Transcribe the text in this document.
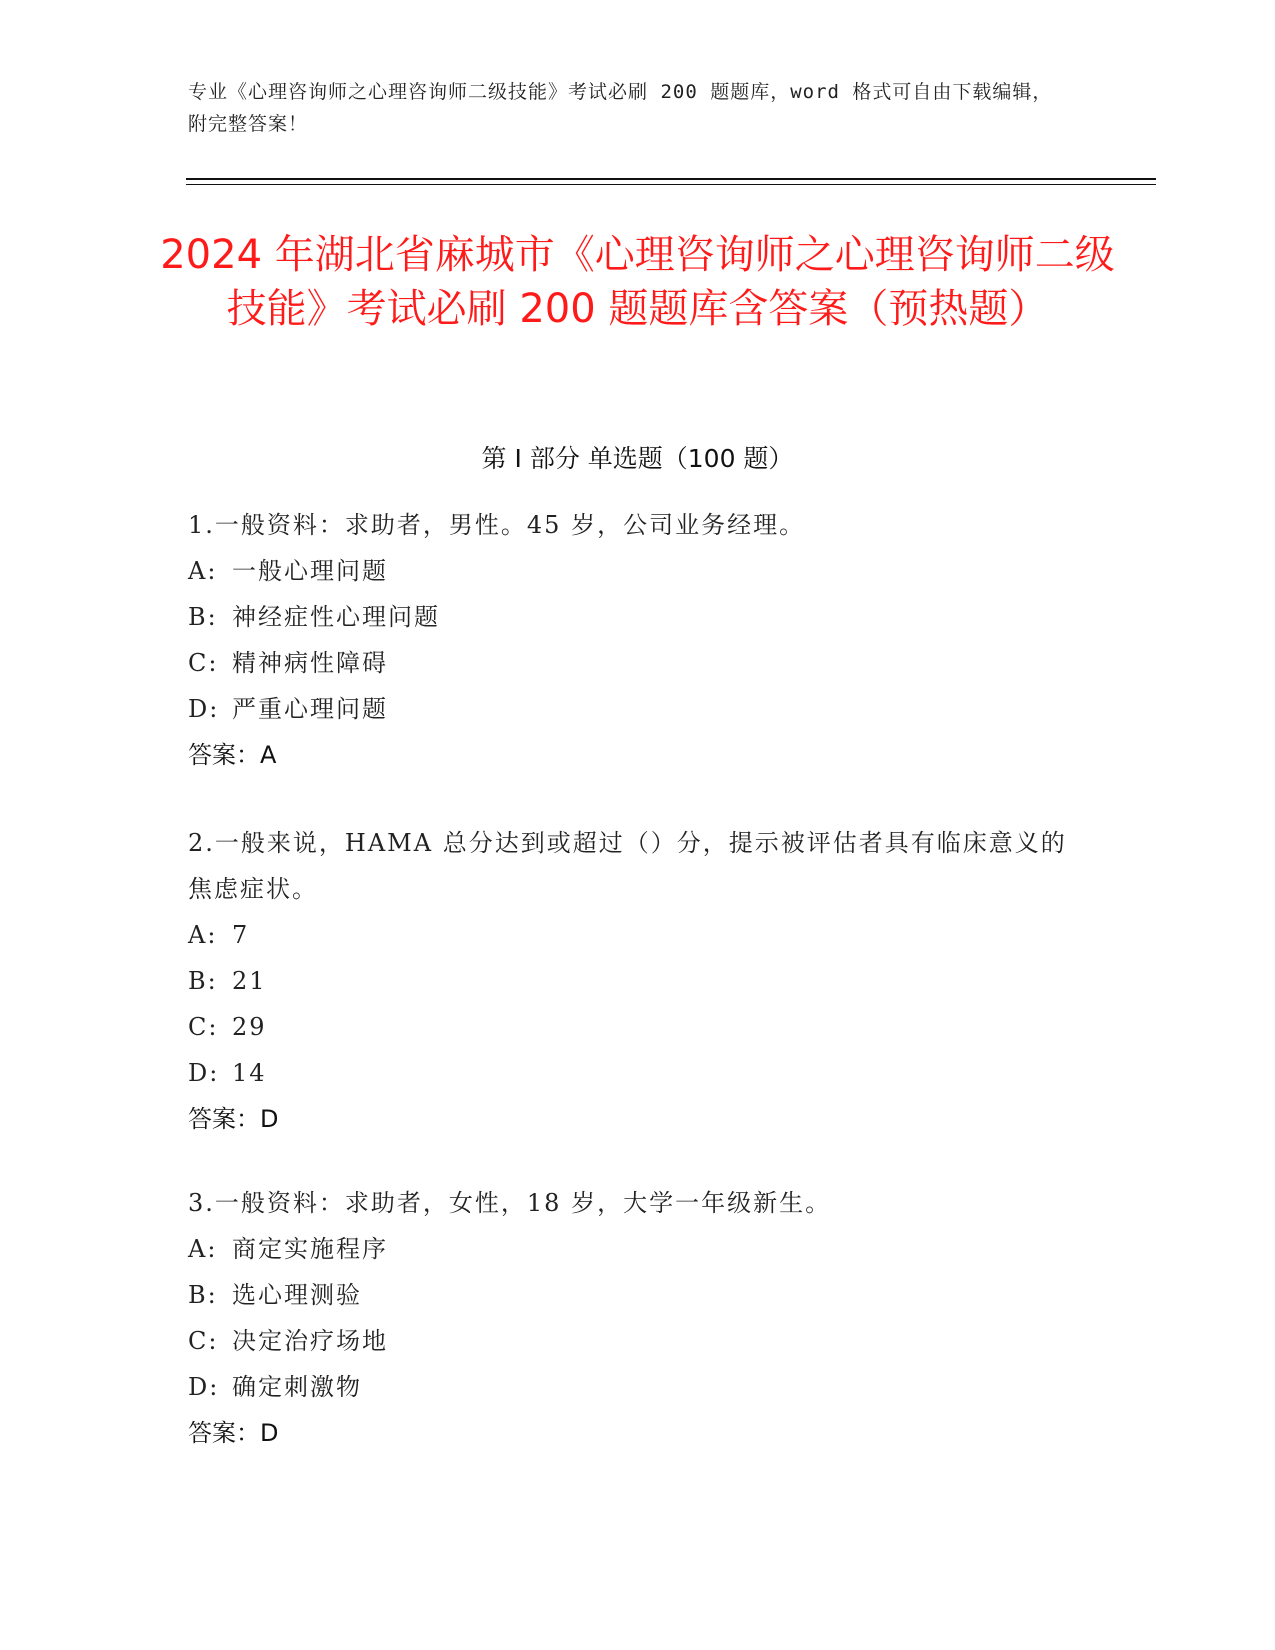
专业《心理咨询师之心理咨询师二级技能》考试必刷 200 题题库，word 格式可自由下载编辑，附完整答案！
2024 年湖北省麻城市《心理咨询师之心理咨询师二级技能》考试必刷 200 题题库含答案（预热题）
第 I 部分 单选题（100 题）
1.一般资料：求助者，男性。45 岁，公司业务经理。
A: 一般心理问题
B: 神经症性心理问题
C: 精神病性障碍
D: 严重心理问题
答案：A
2.一般来说，HAMA 总分达到或超过（）分，提示被评估者具有临床意义的焦虑症状。
A: 7
B: 21
C: 29
D: 14
答案：D
3.一般资料：求助者，女性，18 岁，大学一年级新生。
A: 商定实施程序
B: 选心理测验
C: 决定治疗场地
D: 确定刺激物
答案：D
